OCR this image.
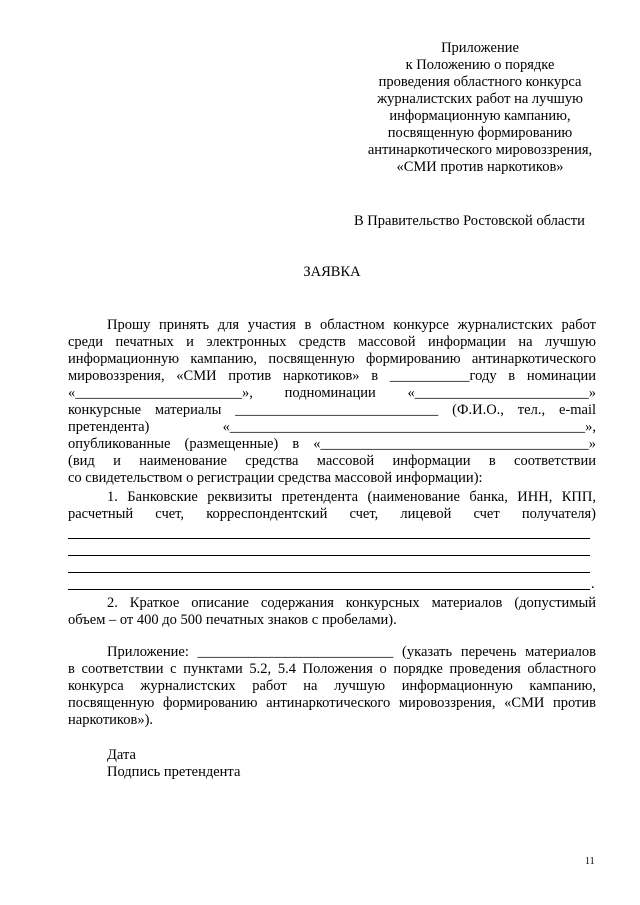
Приложение
к Положению о порядке
проведения областного конкурса
журналистских работ на лучшую
информационную кампанию,
посвященную формированию
антинаркотического мировоззрения,
«СМИ против наркотиков»
В Правительство Ростовской области
ЗАЯВКА
Прошу принять для участия в областном конкурсе журналистских работ
среди печатных и электронных средств массовой информации на лучшую
информационную кампанию, посвященную формированию антинаркотического
мировоззрения, «СМИ против наркотиков» в ___________году в номинации
«_______________________», подноминации «________________________»
конкурсные материалы ____________________________ (Ф.И.О., тел., e-mail
претендента) «_________________________________________________»,
опубликованные (размещенные) в «_____________________________________»
(вид и наименование средства массовой информации в соответствии
со свидетельством о регистрации средства массовой информации):
1. Банковские реквизиты претендента (наименование банка, ИНН, КПП,
расчетный счет, корреспондентский счет, лицевой счет получателя)
.
2. Краткое описание содержания конкурсных материалов (допустимый
объем – от 400 до 500 печатных знаков с пробелами).
Приложение: ___________________________ (указать перечень материалов
в соответствии с пунктами 5.2, 5.4 Положения о порядке проведения областного
конкурса журналистских работ на лучшую информационную кампанию,
посвященную формированию антинаркотического мировоззрения, «СМИ против
наркотиков»).
Дата
Подпись претендента
11
